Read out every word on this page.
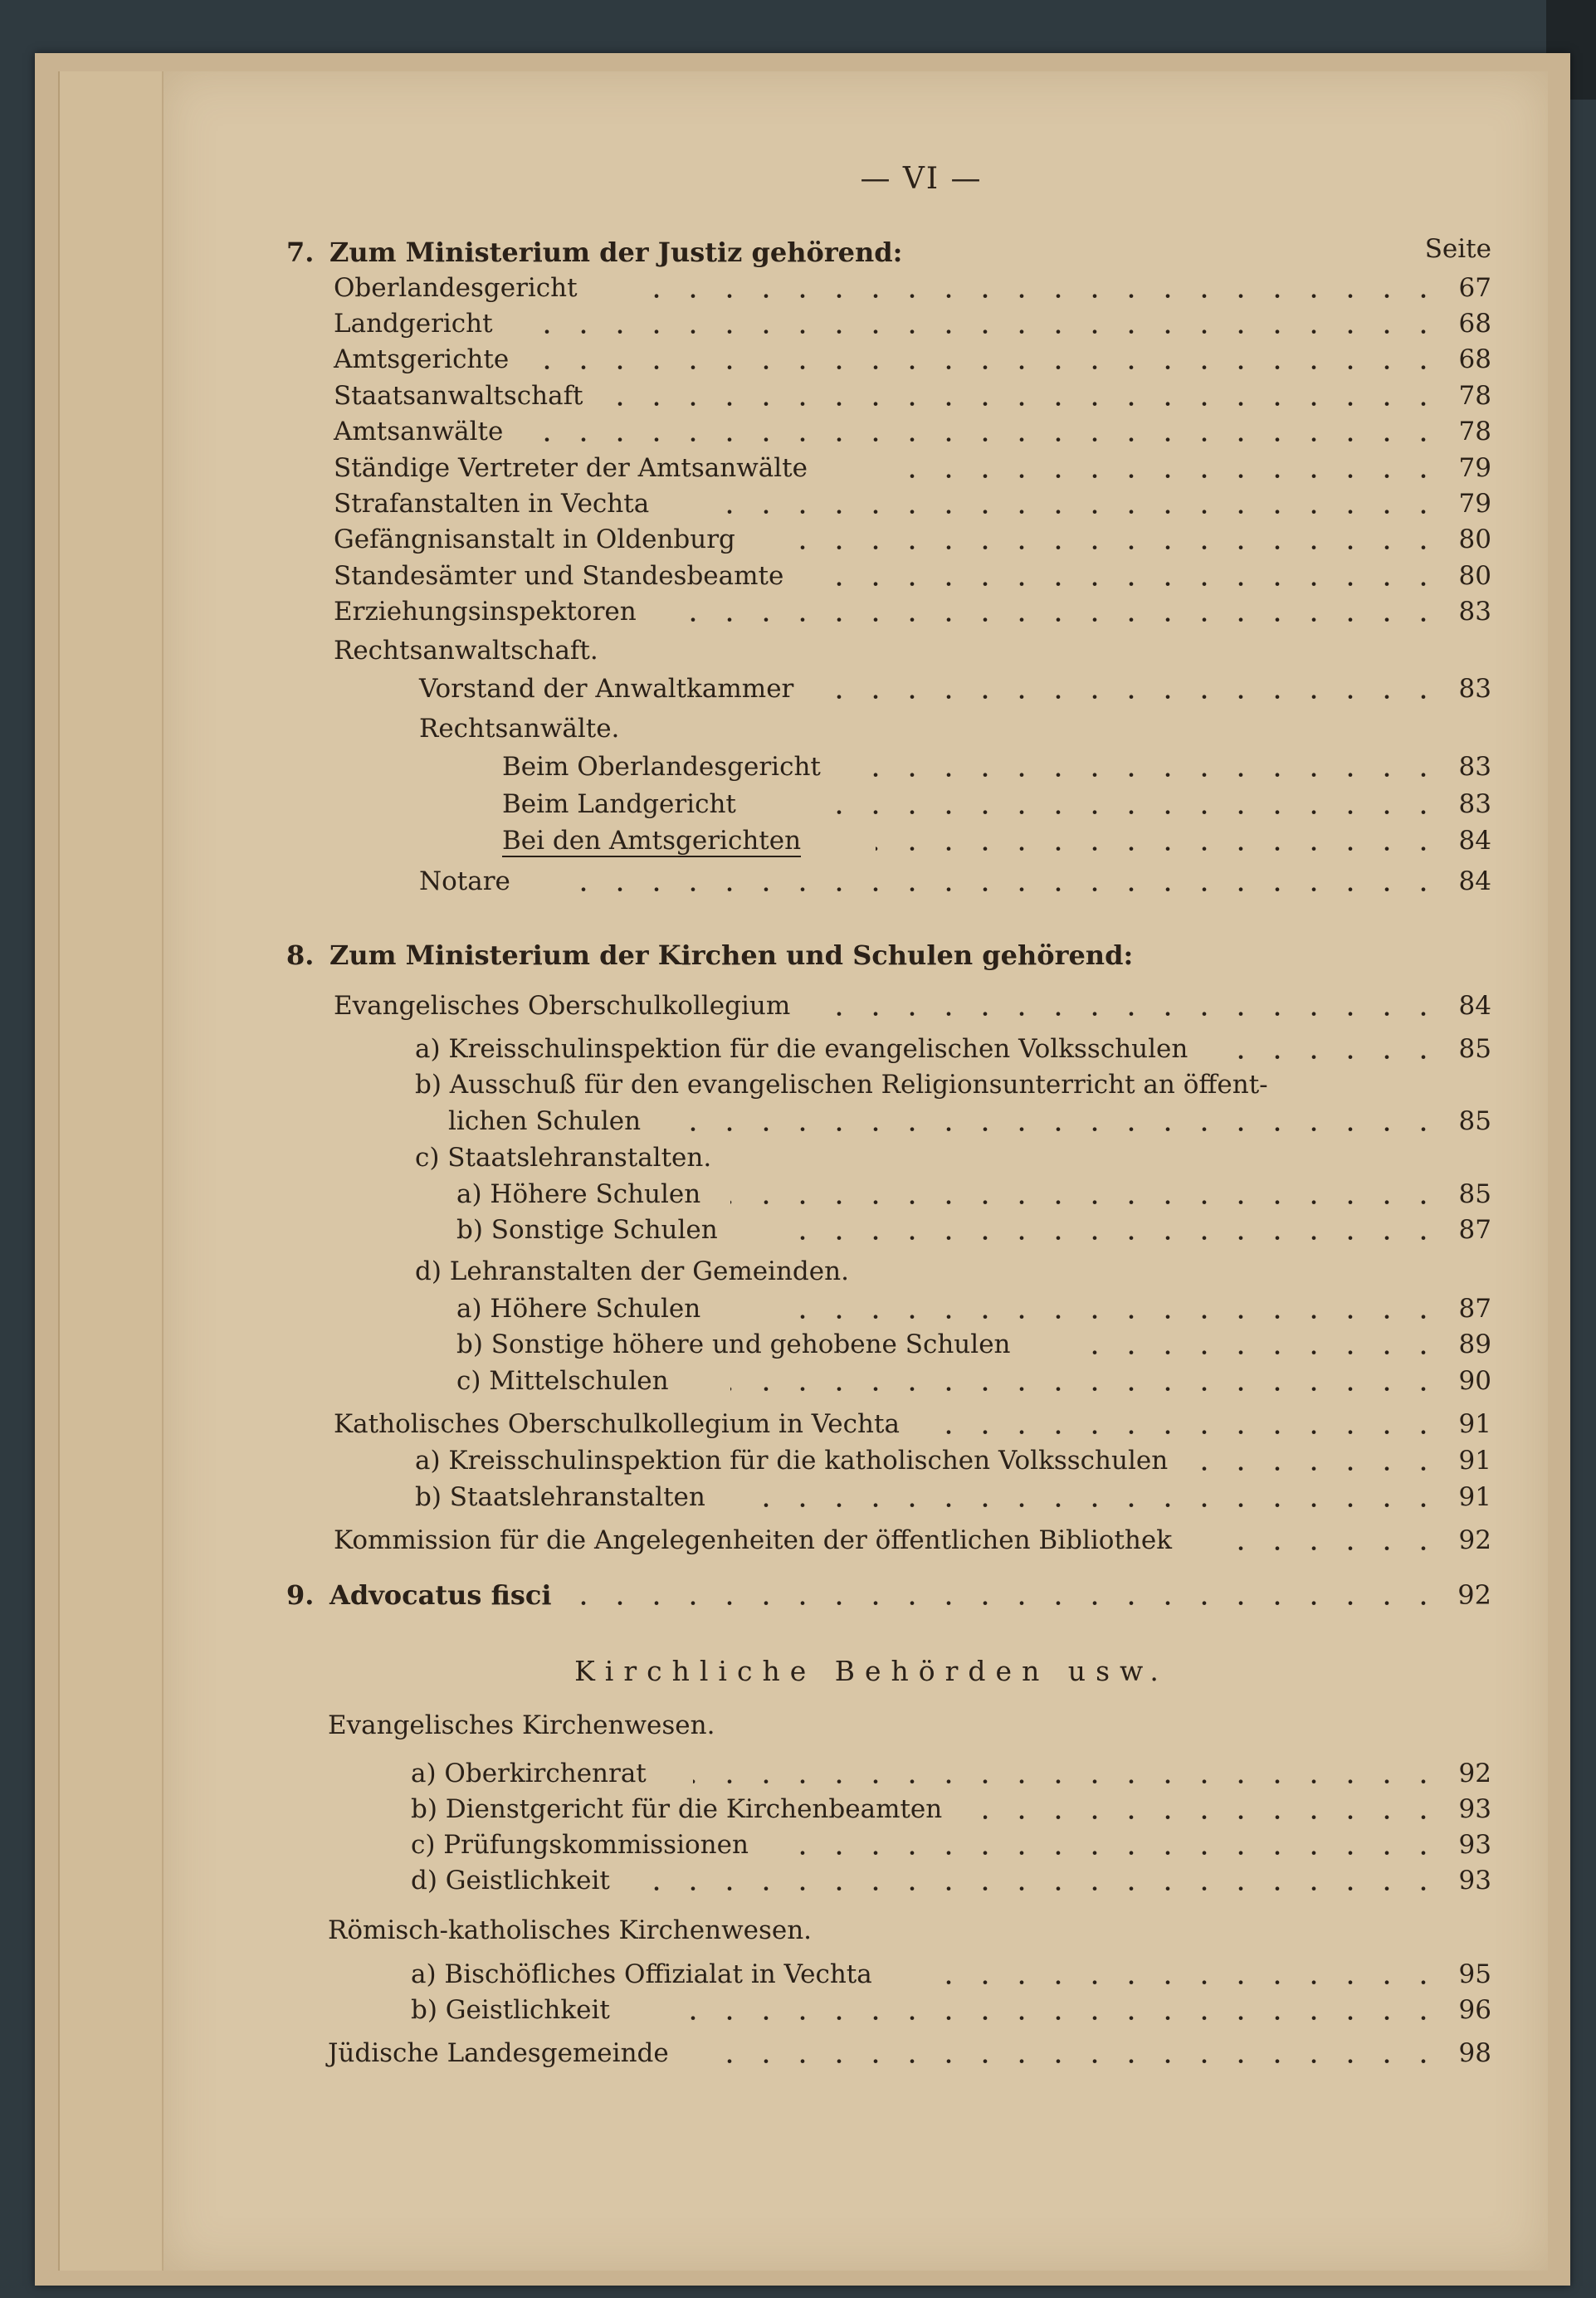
— VI —
Seite
7. Zum Ministerium der Justiz gehörend:
Oberlandesgericht	67
Landgericht	68
Amtsgerichte	68
Staatsanwaltschaft	78
Amtsanwälte	78
Ständige Vertreter der Amtsanwälte	79
Strafanstalten in Vechta	79
Gefängnisanstalt in Oldenburg	80
Standesämter und Standesbeamte	80
Erziehungsinspektoren	83
Rechtsanwaltschaft.
Vorstand der Anwaltkammer	83
Rechtsanwälte.
Beim Oberlandesgericht	83
Beim Landgericht	83
Bei den Amtsgerichten	84
Notare	84
8. Zum Ministerium der Kirchen und Schulen gehörend:
Evangelisches Oberschulkollegium	84
a) Kreisschulinspektion für die evangelischen Volksschulen	85
b) Ausschuß für den evangelischen Religionsunterricht an öffent-
lichen Schulen	85
c) Staatslehranstalten.
a) Höhere Schulen	85
b) Sonstige Schulen	87
d) Lehranstalten der Gemeinden.
a) Höhere Schulen	87
b) Sonstige höhere und gehobene Schulen	89
c) Mittelschulen	90
Katholisches Oberschulkollegium in Vechta	91
a) Kreisschulinspektion für die katholischen Volksschulen	91
b) Staatslehranstalten	91
Kommission für die Angelegenheiten der öffentlichen Bibliothek	92
9. Advocatus fisci	92
Kirchliche Behörden usw.
Evangelisches Kirchenwesen.
a) Oberkirchenrat	92
b) Dienstgericht für die Kirchenbeamten	93
c) Prüfungskommissionen	93
d) Geistlichkeit	93
Römisch-katholisches Kirchenwesen.
a) Bischöfliches Offizialat in Vechta	95
b) Geistlichkeit	96
Jüdische Landesgemeinde	98
